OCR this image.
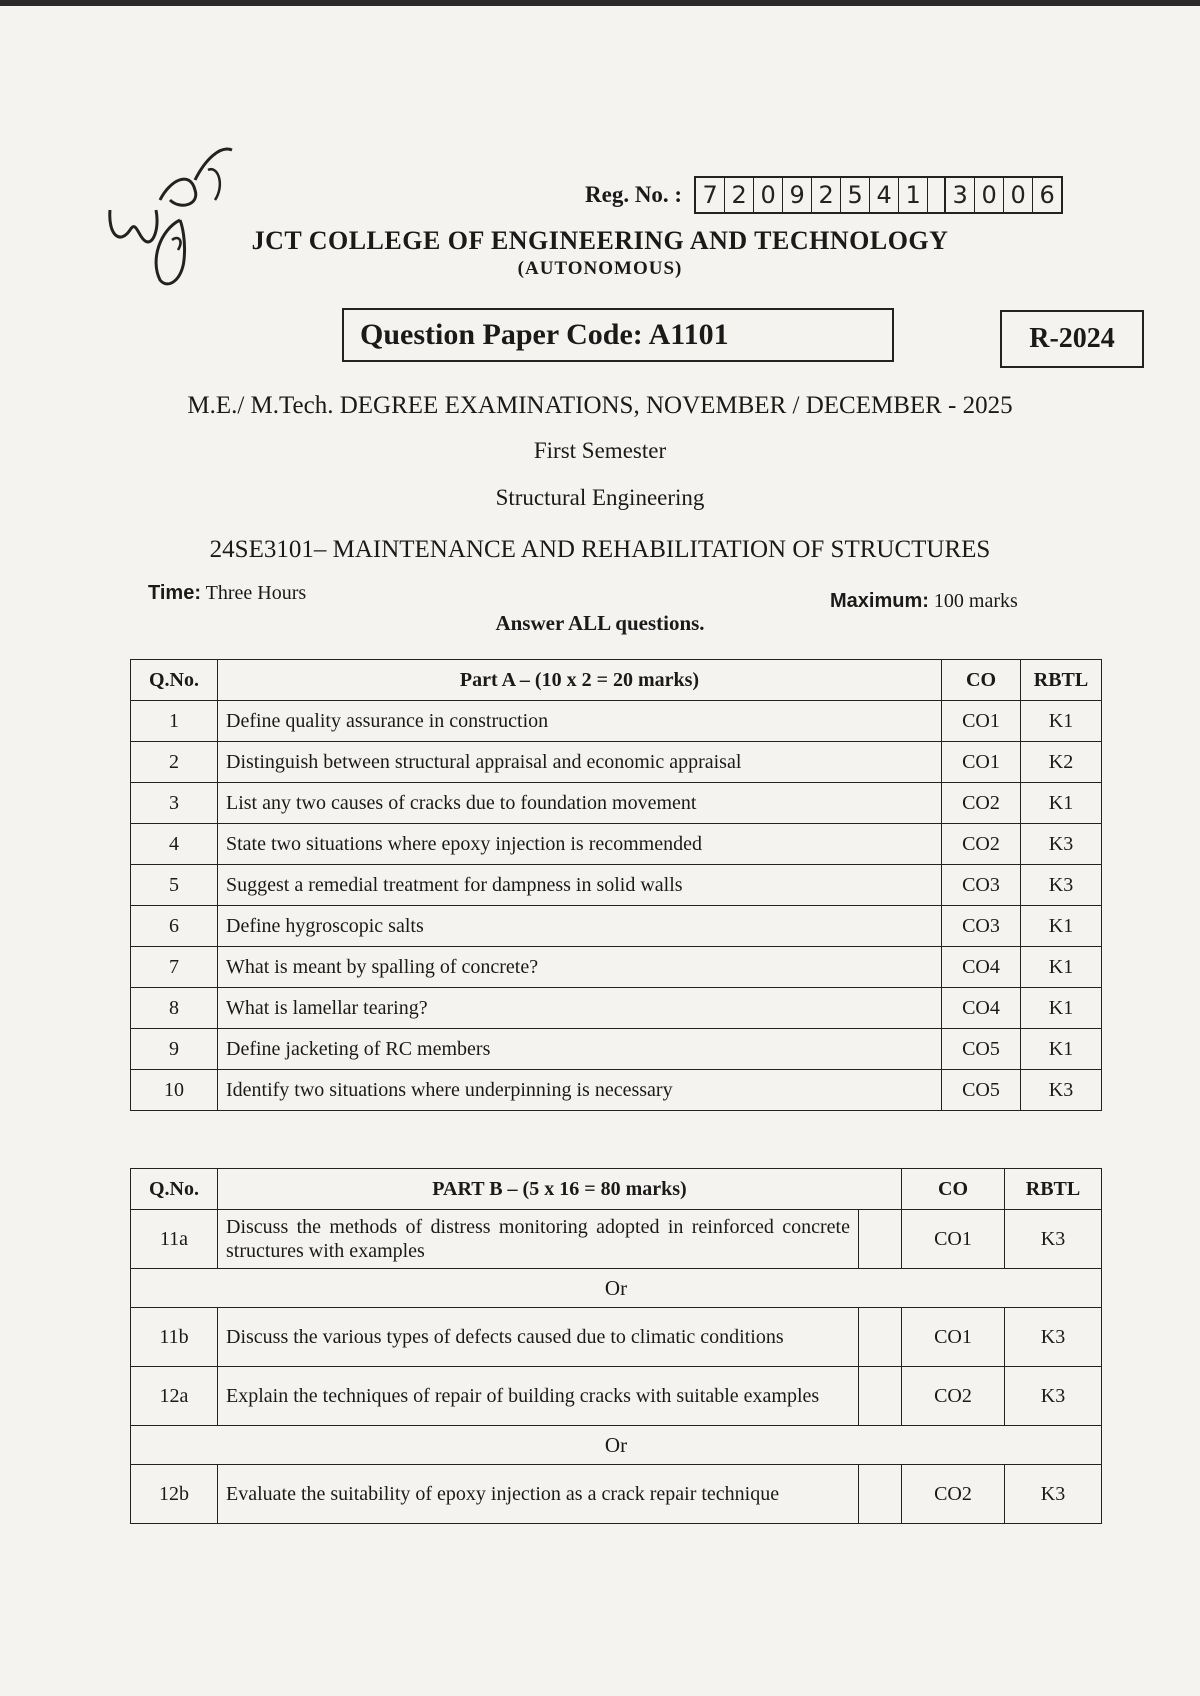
Reg. No. : 7 2 0 9 2 5 4 1	3 0 0 6
JCT COLLEGE OF ENGINEERING AND TECHNOLOGY
(AUTONOMOUS)
Question Paper Code: A1101	R-2024
M.E./ M.Tech. DEGREE EXAMINATIONS, NOVEMBER / DECEMBER - 2025
First Semester
Structural Engineering
24SE3101– MAINTENANCE AND REHABILITATION OF STRUCTURES
Time: Three Hours	Maximum: 100 marks
Answer ALL questions.
Q.No.	Part A – (10 x 2 = 20 marks)	CO	RBTL
1	Define quality assurance in construction	CO1	K1
2	Distinguish between structural appraisal and economic appraisal	CO1	K2
3	List any two causes of cracks due to foundation movement	CO2	K1
4	State two situations where epoxy injection is recommended	CO2	K3
5	Suggest a remedial treatment for dampness in solid walls	CO3	K3
6	Define hygroscopic salts	CO3	K1
7	What is meant by spalling of concrete?	CO4	K1
8	What is lamellar tearing?	CO4	K1
9	Define jacketing of RC members	CO5	K1
10	Identify two situations where underpinning is necessary	CO5	K3
Q.No.	PART B – (5 x 16 = 80 marks)		CO	RBTL
11a	Discuss the methods of distress monitoring adopted in reinforced concrete structures with examples		CO1	K3
Or				
11b	Discuss the various types of defects caused due to climatic conditions		CO1	K3
12a	Explain the techniques of repair of building cracks with suitable examples		CO2	K3
Or				
12b	Evaluate the suitability of epoxy injection as a crack repair technique		CO2	K3
